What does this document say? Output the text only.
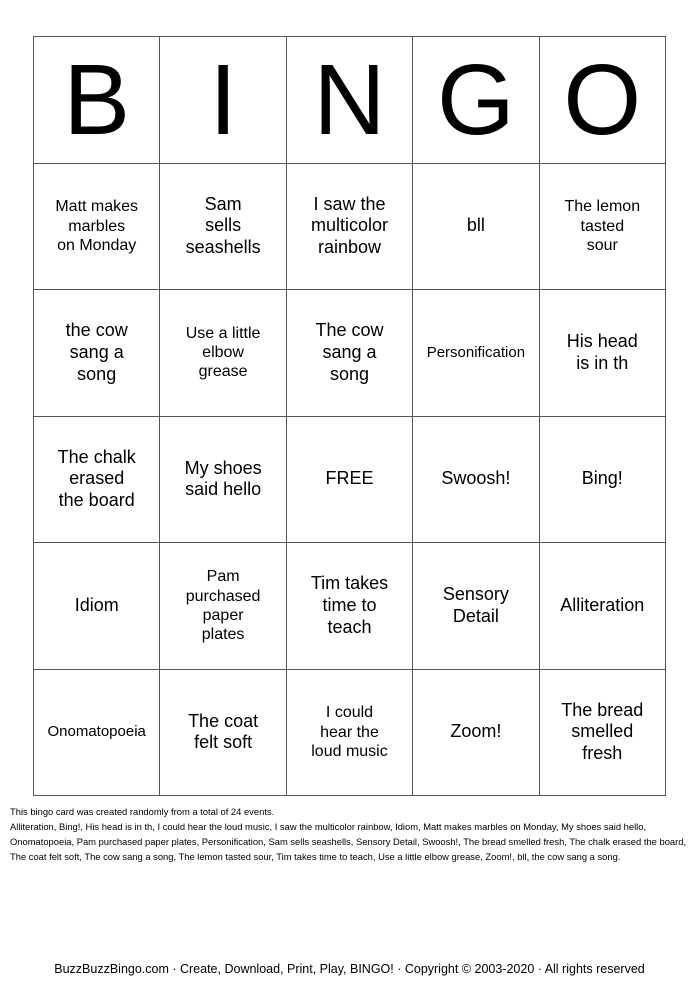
B I N G O
Matt makes
marbles
on Monday
Sam
sells
seashells
I saw the
multicolor
rainbow
bll
The lemon
tasted
sour
the cow
sang a
song
Use a little
elbow
grease
The cow
sang a
song
Personification
His head
is in th
The chalk
erased
the board
My shoes
said hello
FREE	Swoosh!	Bing!
Idiom
Pam
purchased
paper
plates
Tim takes
time to
teach
Sensory
Detail
Alliteration
Onomatopoeia
The coat
felt soft
I could
hear the
loud music
Zoom!
The bread
smelled
fresh
This bingo card was created randomly from a total of 24 events.
Alliteration, Bing!, His head is in th, I could hear the loud music, I saw the multicolor rainbow, Idiom, Matt makes marbles on Monday, My shoes said hello, Onomatopoeia, Pam purchased paper plates, Personification, Sam sells seashells, Sensory Detail, Swoosh!, The bread smelled fresh, The chalk erased the board, The coat felt soft, The cow sang a song, The lemon tasted sour, Tim takes time to teach, Use a little elbow grease, Zoom!, bll, the cow sang a song.
BuzzBuzzBingo.com · Create, Download, Print, Play, BINGO! · Copyright © 2003-2020 · All rights reserved
